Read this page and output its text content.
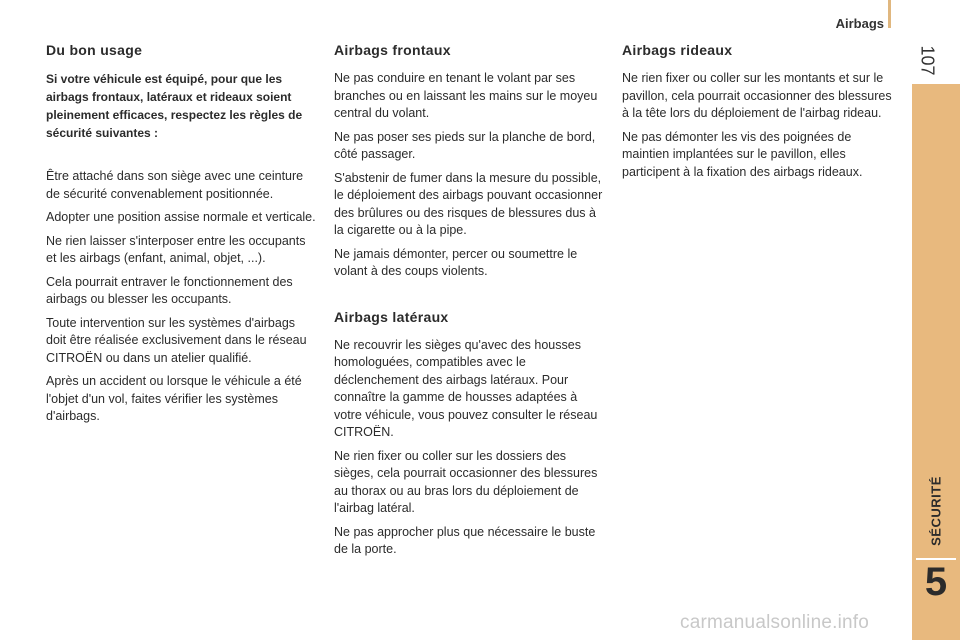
Airbags
107
SÉCURITÉ
5
Du bon usage
Si votre véhicule est équipé, pour que les airbags frontaux, latéraux et rideaux soient pleinement efficaces, respectez les règles de sécurité suivantes :

Être attaché dans son siège avec une ceinture de sécurité convenablement positionnée.

Adopter une position assise normale et verticale.

Ne rien laisser s'interposer entre les occupants et les airbags (enfant, animal, objet, ...).

Cela pourrait entraver le fonctionnement des airbags ou blesser les occupants.

Toute intervention sur les systèmes d'airbags doit être réalisée exclusivement dans le réseau CITROËN ou dans un atelier qualifié.

Après un accident ou lorsque le véhicule a été l'objet d'un vol, faites vérifier les systèmes d'airbags.

Airbags frontaux

Ne pas conduire en tenant le volant par ses branches ou en laissant les mains sur le moyeu central du volant.

Ne pas poser ses pieds sur la planche de bord, côté passager.

S'abstenir de fumer dans la mesure du possible, le déploiement des airbags pouvant occasionner des brûlures ou des risques de blessures dus à la cigarette ou à la pipe.

Ne jamais démonter, percer ou soumettre le volant à des coups violents.

Airbags latéraux

Ne recouvrir les sièges qu'avec des housses homologuées, compatibles avec le déclenchement des airbags latéraux. Pour connaître la gamme de housses adaptées à votre véhicule, vous pouvez consulter le réseau CITROËN.

Ne rien fixer ou coller sur les dossiers des sièges, cela pourrait occasionner des blessures au thorax ou au bras lors du déploiement de l'airbag latéral.

Ne pas approcher plus que nécessaire le buste de la porte.

Airbags rideaux

Ne rien fixer ou coller sur les montants et sur le pavillon, cela pourrait occasionner des blessures à la tête lors du déploiement de l'airbag rideau.

Ne pas démonter les vis des poignées de maintien implantées sur le pavillon, elles participent à la fixation des airbags rideaux.

carmanualsonline.info
